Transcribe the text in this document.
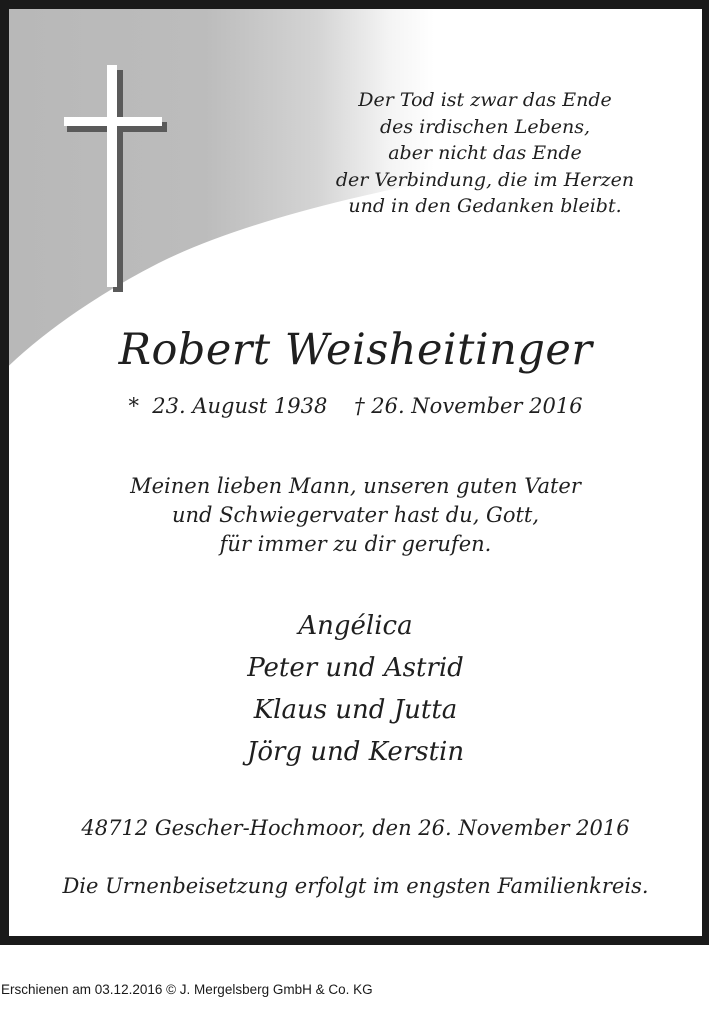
Der Tod ist zwar das Ende
des irdischen Lebens,
aber nicht das Ende
der Verbindung, die im Herzen
und in den Gedanken bleibt.
Robert Weisheitinger
*  23. August 1938 † 26. November 2016
Meinen lieben Mann, unseren guten Vater
und Schwiegervater hast du, Gott,
für immer zu dir gerufen.
Angélica
Peter und Astrid
Klaus und Jutta
Jörg und Kerstin
48712 Gescher-Hochmoor, den 26. November 2016
Die Urnenbeisetzung erfolgt im engsten Familienkreis.
Erschienen am 03.12.2016 © J. Mergelsberg GmbH & Co. KG
